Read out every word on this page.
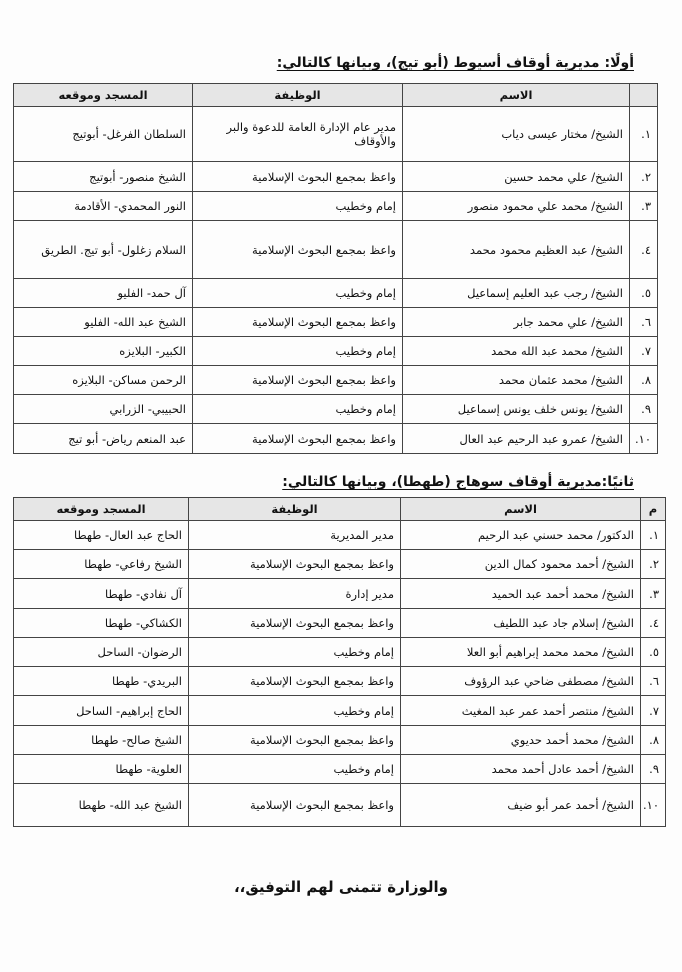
أولًا: مديرية أوقاف أسيوط (أبو تيج)، وبيانها كالتالي:
	الاسم	الوظيفة	المسجد وموقعه
١.	الشيخ/ مختار عيسى دياب	مدير عام الإدارة العامة للدعوة والبر والأوقاف	السلطان الفرغل- أبوتيج
٢.	الشيخ/ علي محمد حسين	واعظ بمجمع البحوث الإسلامية	الشيخ منصور- أبوتيج
٣.	الشيخ/ محمد علي محمود منصور	إمام وخطيب	النور المحمدي- الأقادمة
٤.	الشيخ/ عبد العظيم محمود محمد	واعظ بمجمع البحوث الإسلامية	السلام زغلول- أبو تيج. الطريق
٥.	الشيخ/ رجب عبد العليم إسماعيل	إمام وخطيب	آل حمد- الفليو
٦.	الشيخ/ علي محمد جابر	واعظ بمجمع البحوث الإسلامية	الشيخ عبد الله- الفليو
٧.	الشيخ/ محمد عبد الله محمد	إمام وخطيب	الكبير- البلايزه
٨.	الشيخ/ محمد عثمان محمد	واعظ بمجمع البحوث الإسلامية	الرحمن مساكن- البلايزه
٩.	الشيخ/ يونس خلف يونس إسماعيل	إمام وخطيب	الحبيبي- الزرابي
١٠.	الشيخ/ عمرو عبد الرحيم عبد العال	واعظ بمجمع البحوث الإسلامية	عبد المنعم رياض- أبو تيج
ثانيًا:مديرية أوقاف سوهاج (طهطا)، وبيانها كالتالي:
م	الاسم	الوظيفة	المسجد وموقعه
١.	الدكتور/ محمد حسني عبد الرحيم	مدير المديرية	الحاج عبد العال- طهطا
٢.	الشيخ/ أحمد محمود كمال الدين	واعظ بمجمع البحوث الإسلامية	الشيخ رفاعي- طهطا
٣.	الشيخ/ محمد أحمد عبد الحميد	مدير إدارة	آل نفادي- طهطا
٤.	الشيخ/ إسلام جاد عبد اللطيف	واعظ بمجمع البحوث الإسلامية	الكشاكي- طهطا
٥.	الشيخ/ محمد محمد إبراهيم أبو العلا	إمام وخطيب	الرضوان- الساحل
٦.	الشيخ/ مصطفى ضاحي عبد الرؤوف	واعظ بمجمع البحوث الإسلامية	البريدي- طهطا
٧.	الشيخ/ منتصر أحمد عمر عبد المغيث	إمام وخطيب	الحاج إبراهيم- الساحل
٨.	الشيخ/ محمد أحمد حديوي	واعظ بمجمع البحوث الإسلامية	الشيخ صالح- طهطا
٩.	الشيخ/ أحمد عادل أحمد محمد	إمام وخطيب	العلوية- طهطا
١٠.	الشيخ/ أحمد عمر أبو ضيف	واعظ بمجمع البحوث الإسلامية	الشيخ عبد الله- طهطا
والوزارة تتمنى لهم التوفيق،،
